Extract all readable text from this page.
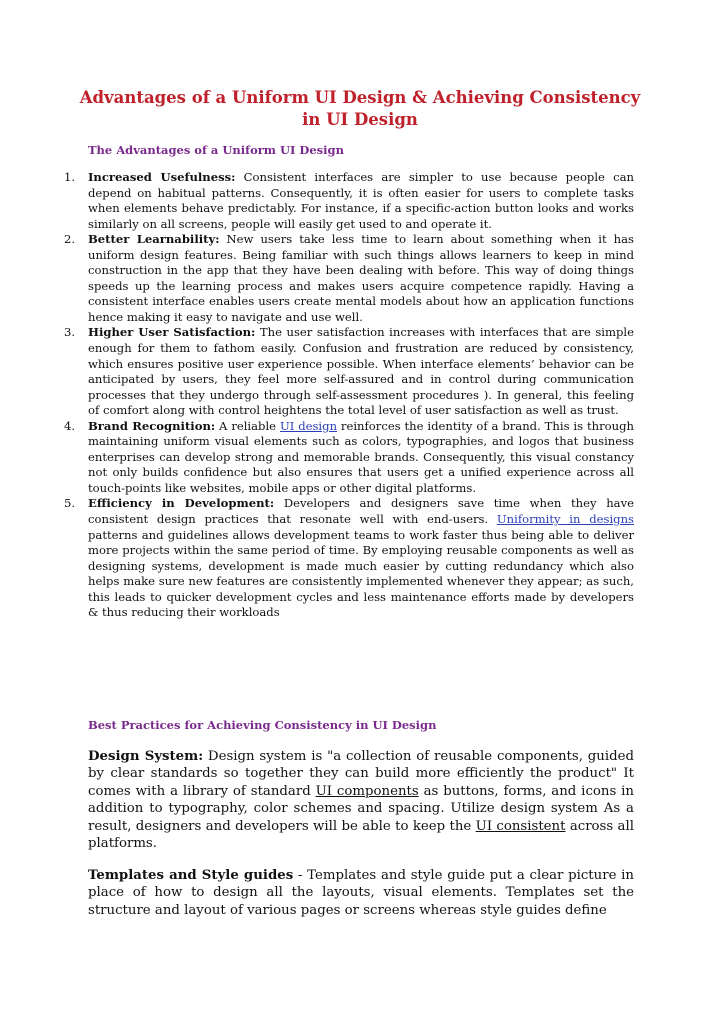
Advantages of a Uniform UI Design & Achieving Consistency in UI Design
The Advantages of a Uniform UI Design
1. Increased Usefulness: Consistent interfaces are simpler to use because people can depend on habitual patterns. Consequently, it is often easier for users to complete tasks when elements behave predictably. For instance, if a specific-action button looks and works similarly on all screens, people will easily get used to and operate it.
2. Better Learnability: New users take less time to learn about something when it has uniform design features. Being familiar with such things allows learners to keep in mind construction in the app that they have been dealing with before. This way of doing things speeds up the learning process and makes users acquire competence rapidly. Having a consistent interface enables users create mental models about how an application functions hence making it easy to navigate and use well.
3. Higher User Satisfaction: The user satisfaction increases with interfaces that are simple enough for them to fathom easily. Confusion and frustration are reduced by consistency, which ensures positive user experience possible. When interface elements’ behavior can be anticipated by users, they feel more self-assured and in control during communication processes that they undergo through self-assessment procedures ). In general, this feeling of comfort along with control heightens the total level of user satisfaction as well as trust.
4. Brand Recognition: A reliable UI design reinforces the identity of a brand. This is through maintaining uniform visual elements such as colors, typographies, and logos that business enterprises can develop strong and memorable brands. Consequently, this visual constancy not only builds confidence but also ensures that users get a unified experience across all touch-points like websites, mobile apps or other digital platforms.
5. Efficiency in Development: Developers and designers save time when they have consistent design practices that resonate well with end-users. Uniformity in designs patterns and guidelines allows development teams to work faster thus being able to deliver more projects within the same period of time. By employing reusable components as well as designing systems, development is made much easier by cutting redundancy which also helps make sure new features are consistently implemented whenever they appear; as such, this leads to quicker development cycles and less maintenance efforts made by developers & thus reducing their workloads
Best Practices for Achieving Consistency in UI Design

Design System: Design system is "a collection of reusable components, guided by clear standards so together they can build more efficiently the product" It comes with a library of standard UI components as buttons, forms, and icons in addition to typography, color schemes and spacing. Utilize design system As a result, designers and developers will be able to keep the UI consistent across all platforms.

Templates and Style guides - Templates and style guide put a clear picture in place of how to design all the layouts, visual elements. Templates set the structure and layout of various pages or screens whereas style guides define
